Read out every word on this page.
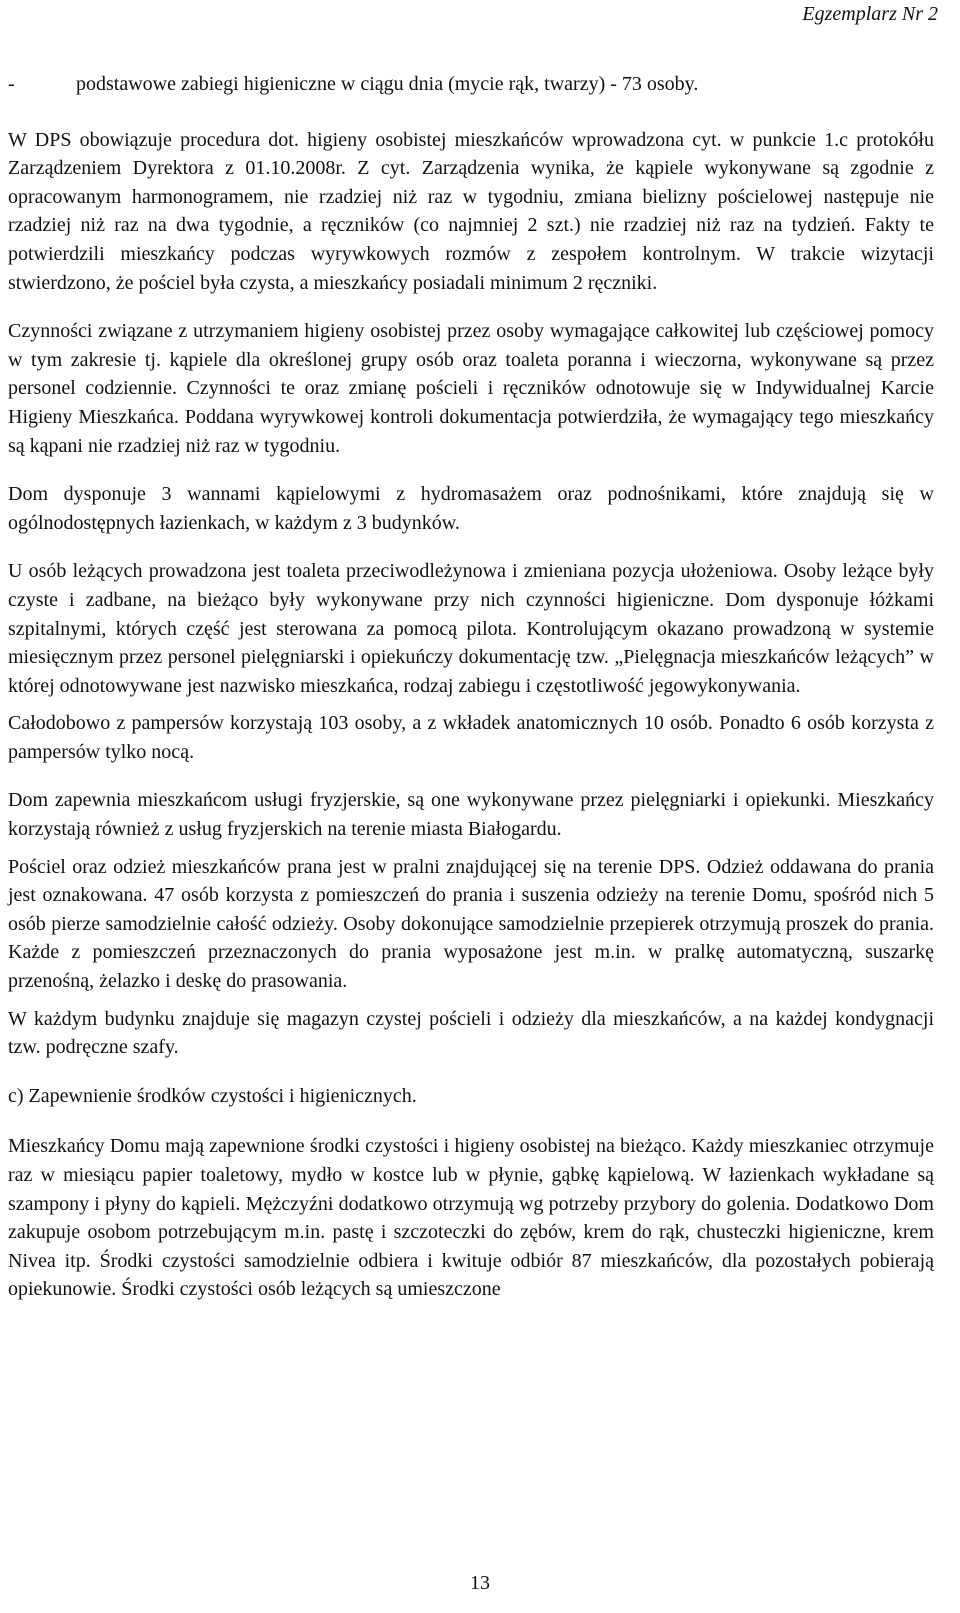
Egzemplarz Nr 2

-	podstawowe zabiegi higieniczne w ciągu dnia (mycie rąk, twarzy) - 73 osoby.

W DPS obowiązuje procedura dot. higieny osobistej mieszkańców wprowadzona cyt. w punkcie 1.c protokółu Zarządzeniem Dyrektora z 01.10.2008r. Z cyt. Zarządzenia wynika, że kąpiele wykonywane są zgodnie z opracowanym harmonogramem, nie rzadziej niż raz w tygodniu, zmiana bielizny pościelowej następuje nie rzadziej niż raz na dwa tygodnie, a ręczników (co najmniej 2 szt.) nie rzadziej niż raz na tydzień. Fakty te potwierdzili mieszkańcy podczas wyrywkowych rozmów z zespołem kontrolnym. W trakcie wizytacji stwierdzono, że pościel była czysta, a mieszkańcy posiadali minimum 2 ręczniki.

Czynności związane z utrzymaniem higieny osobistej przez osoby wymagające całkowitej lub częściowej pomocy w tym zakresie tj. kąpiele dla określonej grupy osób oraz toaleta poranna i wieczorna, wykonywane są przez personel codziennie. Czynności te oraz zmianę pościeli i ręczników odnotowuje się w Indywidualnej Karcie Higieny Mieszkańca. Poddana wyrywkowej kontroli dokumentacja potwierdziła, że wymagający tego mieszkańcy są kąpani nie rzadziej niż raz w tygodniu.

Dom dysponuje 3 wannami kąpielowymi z hydromasażem oraz podnośnikami, które znajdują się w ogólnodostępnych łazienkach, w każdym z 3 budynków.

U osób leżących prowadzona jest toaleta przeciwodleżynowa i zmieniana pozycja ułożeniowa. Osoby leżące były czyste i zadbane, na bieżąco były wykonywane przy nich czynności higieniczne. Dom dysponuje łóżkami szpitalnymi, których część jest sterowana za pomocą pilota. Kontrolującym okazano prowadzoną w systemie miesięcznym przez personel pielęgniarski i opiekuńczy dokumentację tzw. „Pielęgnacja mieszkańców leżących” w której odnotowywane jest nazwisko mieszkańca, rodzaj zabiegu i częstotliwość jegowykonywania.

Całodobowo z pampersów korzystają 103 osoby, a z wkładek anatomicznych 10 osób. Ponadto 6 osób korzysta z pampersów tylko nocą.

Dom zapewnia mieszkańcom usługi fryzjerskie, są one wykonywane przez pielęgniarki i opiekunki. Mieszkańcy korzystają również z usług fryzjerskich na terenie miasta Białogardu.

Pościel oraz odzież mieszkańców prana jest w pralni znajdującej się na terenie DPS. Odzież oddawana do prania jest oznakowana. 47 osób korzysta z pomieszczeń do prania i suszenia odzieży na terenie Domu, spośród nich 5 osób pierze samodzielnie całość odzieży. Osoby dokonujące samodzielnie przepierek otrzymują proszek do prania. Każde z pomieszczeń przeznaczonych do prania wyposażone jest m.in. w pralkę automatyczną, suszarkę przenośną, żelazko i deskę do prasowania.

W każdym budynku znajduje się magazyn czystej pościeli i odzieży dla mieszkańców, a na każdej kondygnacji tzw. podręczne szafy.

c) Zapewnienie środków czystości i higienicznych.

Mieszkańcy Domu mają zapewnione środki czystości i higieny osobistej na bieżąco. Każdy mieszkaniec otrzymuje raz w miesiącu papier toaletowy, mydło w kostce lub w płynie, gąbkę kąpielową. W łazienkach wykładane są szampony i płyny do kąpieli. Mężczyźni dodatkowo otrzymują wg potrzeby przybory do golenia. Dodatkowo Dom zakupuje osobom potrzebującym m.in. pastę i szczoteczki do zębów, krem do rąk, chusteczki higieniczne, krem Nivea itp. Środki czystości samodzielnie odbiera i kwituje odbiór 87 mieszkańców, dla pozostałych pobierają opiekunowie. Środki czystości osób leżących są umieszczone

13
